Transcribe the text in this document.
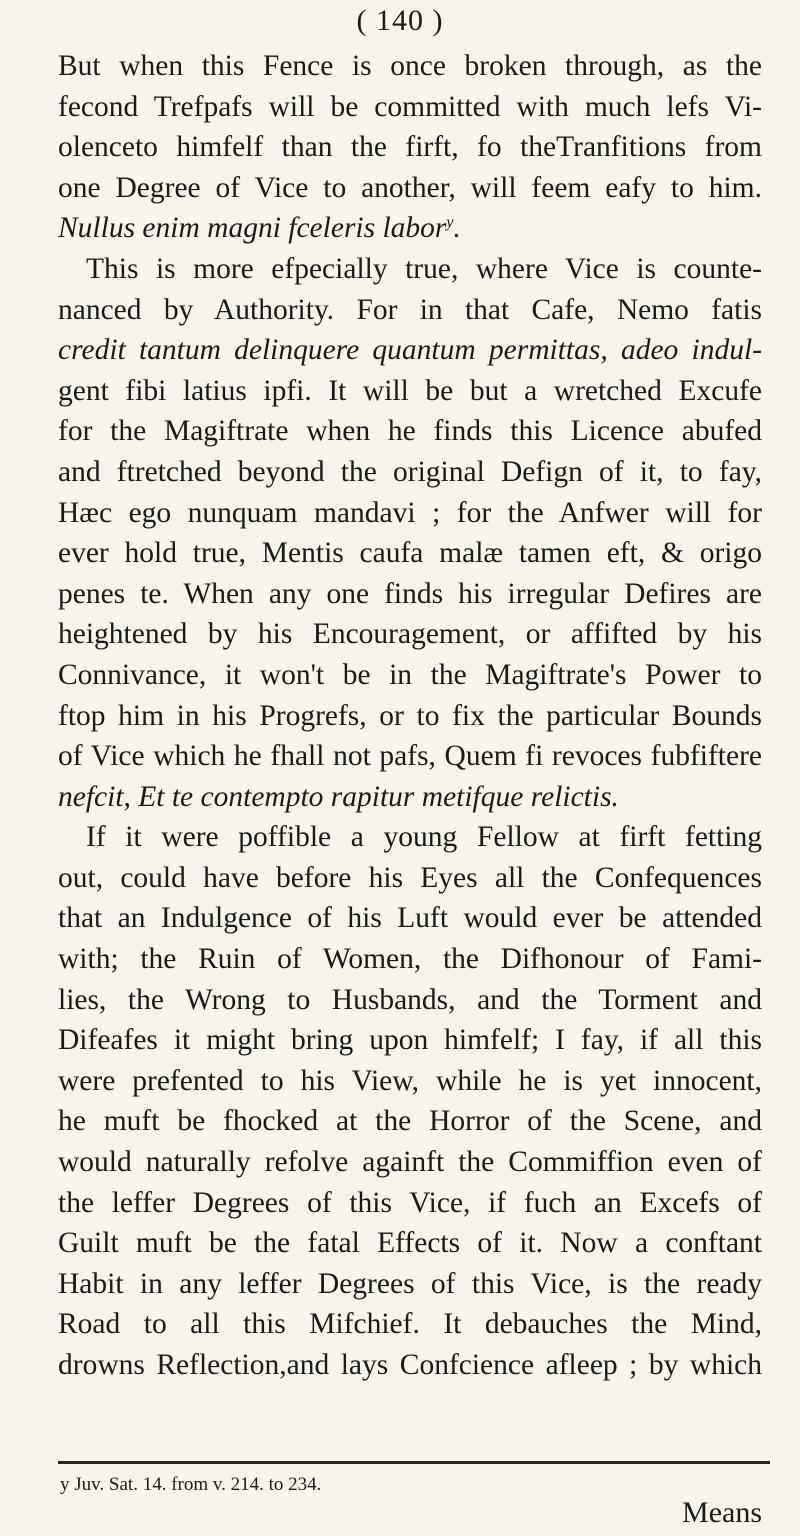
( 140 )
But when this Fence is once broken through, as the
fecond Trefpafs will be committed with much lefs Vi-
olenceto himfelf than the firft, fo theTranfitions from
one Degree of Vice to another, will feem eafy to him.
Nullus enim magni fceleris labor$^y$.
This is more efpecially true, where Vice is counte-
nanced by Authority. For in that Cafe, Nemo fatis
credit tantum delinquere quantum permittas, adeo indul-
gent fibi latius ipfi. It will be but a wretched Excufe
for the Magiftrate when he finds this Licence abufed
and ftretched beyond the original Defign of it, to fay,
Hæc ego nunquam mandavi ; for the Anfwer will for
ever hold true, Mentis caufa malæ tamen eft, & origo
penes te. When any one finds his irregular Defires are
heightened by his Encouragement, or affifted by his
Connivance, it won't be in the Magiftrate's Power to
ftop him in his Progrefs, or to fix the particular Bounds
of Vice which he fhall not pafs, Quem fi revoces fubfiftere
nefcit, Et te contempto rapitur metifque relictis.
If it were poffible a young Fellow at firft fetting
out, could have before his Eyes all the Confequences
that an Indulgence of his Luft would ever be attended
with; the Ruin of Women, the Difhonour of Fami-
lies, the Wrong to Husbands, and the Torment and
Difeafes it might bring upon himfelf; I fay, if all this
were prefented to his View, while he is yet innocent,
he muft be fhocked at the Horror of the Scene, and
would naturally refolve againft the Commiffion even of
the leffer Degrees of this Vice, if fuch an Excefs of
Guilt muft be the fatal Effects of it. Now a conftant
Habit in any leffer Degrees of this Vice, is the ready
Road to all this Mifchief. It debauches the Mind,
drowns Reflection,and lays Confcience afleep ; by which
y Juv. Sat. 14. from v. 214. to 234.
Means
